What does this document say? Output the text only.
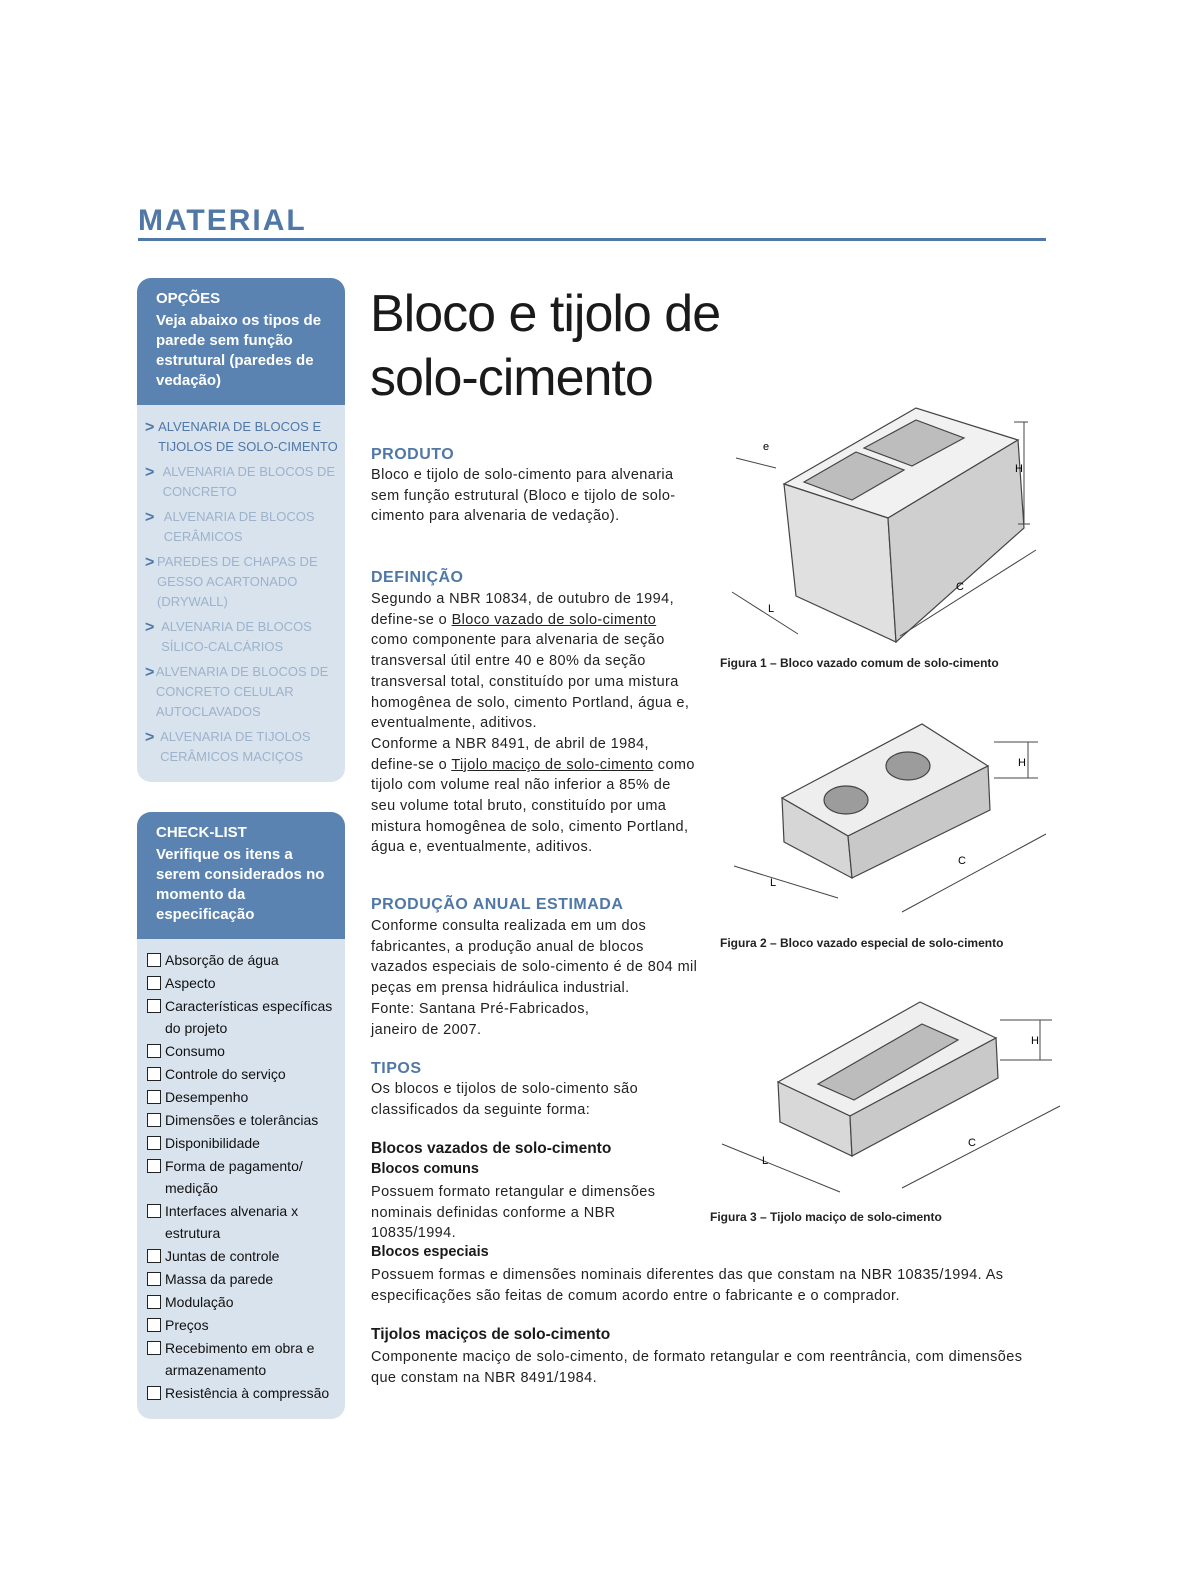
MATERIAL
OPÇÕES
Veja abaixo os tipos de parede sem função estrutural (paredes de vedação)
> ALVENARIA DE BLOCOS E TIJOLOS DE SOLO-CIMENTO
> ALVENARIA DE BLOCOS DE CONCRETO
> ALVENARIA DE BLOCOS CERÂMICOS
> PAREDES DE CHAPAS DE GESSO ACARTONADO (DRYWALL)
> ALVENARIA DE BLOCOS SÍLICO-CALCÁRIOS
> ALVENARIA DE BLOCOS DE CONCRETO CELULAR AUTOCLAVADOS
> ALVENARIA DE TIJOLOS CERÂMICOS MACIÇOS
CHECK-LIST
Verifique os itens a serem considerados no momento da especificação
Absorção de água
Aspecto
Características específicas do projeto
Consumo
Controle do serviço
Desempenho
Dimensões e tolerâncias
Disponibilidade
Forma de pagamento/ medição
Interfaces alvenaria x estrutura
Juntas de controle
Massa da parede
Modulação
Preços
Recebimento em obra e armazenamento
Resistência à compressão
Bloco e tijolo de
solo-cimento
PRODUTO
Bloco e tijolo de solo-cimento para alvenaria sem função estrutural (Bloco e tijolo de solo-cimento para alvenaria de vedação).
DEFINIÇÃO
Segundo a NBR 10834, de outubro de 1994, define-se o Bloco vazado de solo-cimento como componente para alvenaria de seção transversal útil entre 40 e 80% da seção transversal total, constituído por uma mistura homogênea de solo, cimento Portland, água e, eventualmente, aditivos.
Conforme a NBR 8491, de abril de 1984, define-se o Tijolo maciço de solo-cimento como tijolo com volume real não inferior a 85% de seu volume total bruto, constituído por uma mistura homogênea de solo, cimento Portland, água e, eventualmente, aditivos.
PRODUÇÃO ANUAL ESTIMADA
Conforme consulta realizada em um dos fabricantes, a produção anual de blocos vazados especiais de solo-cimento é de 804 mil peças em prensa hidráulica industrial.
Fonte: Santana Pré-Fabricados,
janeiro de 2007.
TIPOS
Os blocos e tijolos de solo-cimento são classificados da seguinte forma:
Blocos vazados de solo-cimento
Blocos comuns
Possuem formato retangular e dimensões nominais definidas conforme a NBR 10835/1994.
Blocos especiais
Possuem formas e dimensões nominais diferentes das que constam na NBR 10835/1994. As especificações são feitas de comum acordo entre o fabricante e o comprador.
Tijolos maciços de solo-cimento
Componente maciço de solo-cimento, de formato retangular e com reentrância, com dimensões que constam na NBR 8491/1984.
e
H
C
L
Figura 1 – Bloco vazado comum de solo-cimento
H
C
L
Figura 2 – Bloco vazado especial de solo-cimento
H
C
L
Figura 3 – Tijolo maciço de solo-cimento
